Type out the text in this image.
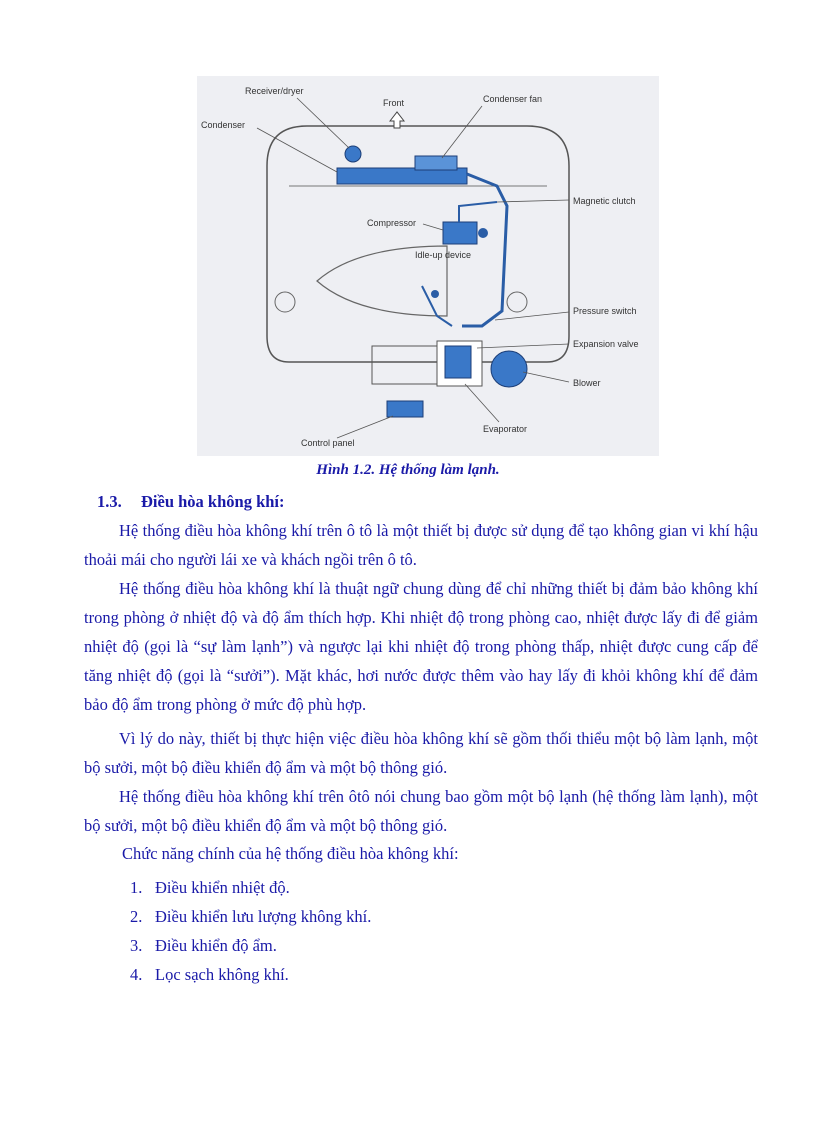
Receiver/dryer
Front	Condenser fan
Condenser
Magnetic clutch
Compressor
Idle-up device
Pressure switch
Expansion valve
Blower
Evaporator
Control panel
Hình 1.2. Hệ thống làm lạnh.
1.3. Điều hòa không khí:

Hệ thống điều hòa không khí trên ô tô là một thiết bị được sử dụng để tạo không gian vi khí hậu thoải mái cho người lái xe và khách ngồi trên ô tô.

Hệ thống điều hòa không khí là thuật ngữ chung dùng để chỉ những thiết bị đảm bảo không khí trong phòng ở nhiệt độ và độ ẩm thích hợp. Khi nhiệt độ trong phòng cao, nhiệt được lấy đi để giảm nhiệt độ (gọi là “sự làm lạnh”) và ngược lại khi nhiệt độ trong phòng thấp, nhiệt được cung cấp để tăng nhiệt độ (gọi là “sưởi”). Mặt khác, hơi nước được thêm vào hay lấy đi khỏi không khí để đảm bảo độ ẩm trong phòng ở mức độ phù hợp.

Vì lý do này, thiết bị thực hiện việc điều hòa không khí sẽ gồm thối thiểu một bộ làm lạnh, một bộ sưởi, một bộ điều khiển độ ẩm và một bộ thông gió.

Hệ thống điều hòa không khí trên ôtô nói chung bao gồm một bộ lạnh (hệ thống làm lạnh), một bộ sưởi, một bộ điều khiển độ ẩm và một bộ thông gió.

Chức năng chính của hệ thống điều hòa không khí:
1. Điều khiển nhiệt độ.
2. Điều khiển lưu lượng không khí.
3. Điều khiển độ ẩm.
4. Lọc sạch không khí.
